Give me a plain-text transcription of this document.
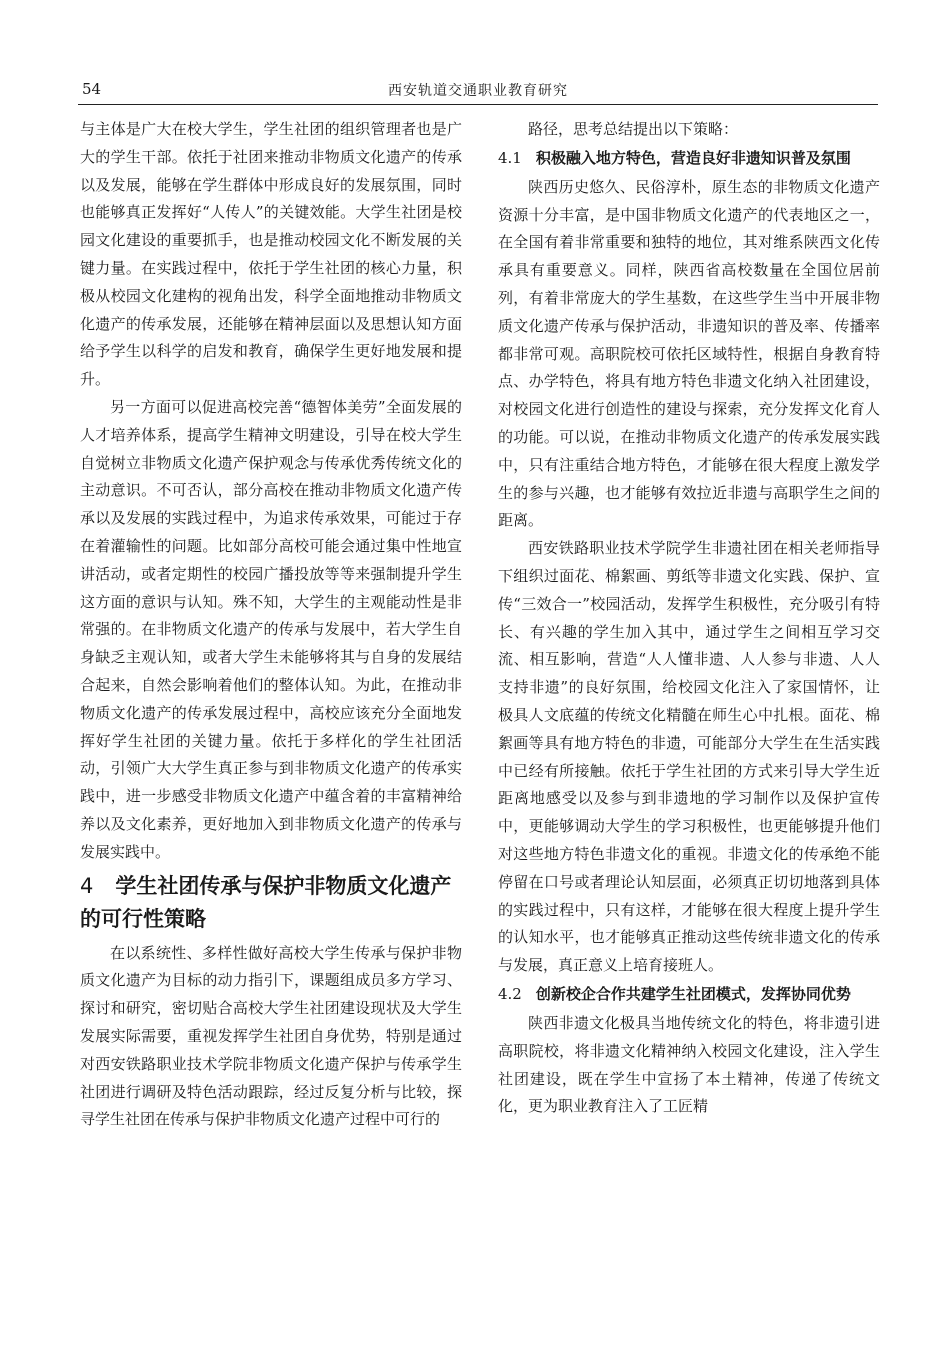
54	西安轨道交通职业教育研究

与主体是广大在校大学生，学生社团的组织管理者也是广大的学生干部。依托于社团来推动非物质文化遗产的传承以及发展，能够在学生群体中形成良好的发展氛围，同时也能够真正发挥好“人传人”的关键效能。大学生社团是校园文化建设的重要抓手，也是推动校园文化不断发展的关键力量。在实践过程中，依托于学生社团的核心力量，积极从校园文化建构的视角出发，科学全面地推动非物质文化遗产的传承发展，还能够在精神层面以及思想认知方面给予学生以科学的启发和教育，确保学生更好地发展和提升。

另一方面可以促进高校完善“德智体美劳”全面发展的人才培养体系，提高学生精神文明建设，引导在校大学生自觉树立非物质文化遗产保护观念与传承优秀传统文化的主动意识。不可否认，部分高校在推动非物质文化遗产传承以及发展的实践过程中，为追求传承效果，可能过于存在着灌输性的问题。比如部分高校可能会通过集中性地宣讲活动，或者定期性的校园广播投放等等来强制提升学生这方面的意识与认知。殊不知，大学生的主观能动性是非常强的。在非物质文化遗产的传承与发展中，若大学生自身缺乏主观认知，或者大学生未能够将其与自身的发展结合起来，自然会影响着他们的整体认知。为此，在推动非物质文化遗产的传承发展过程中，高校应该充分全面地发挥好学生社团的关键力量。依托于多样化的学生社团活动，引领广大大学生真正参与到非物质文化遗产的传承实践中，进一步感受非物质文化遗产中蕴含着的丰富精神给养以及文化素养，更好地加入到非物质文化遗产的传承与发展实践中。

4 学生社团传承与保护非物质文化遗产的可行性策略

在以系统性、多样性做好高校大学生传承与保护非物质文化遗产为目标的动力指引下，课题组成员多方学习、探讨和研究，密切贴合高校大学生社团建设现状及大学生发展实际需要，重视发挥学生社团自身优势，特别是通过对西安铁路职业技术学院非物质文化遗产保护与传承学生社团进行调研及特色活动跟踪，经过反复分析与比较，探寻学生社团在传承与保护非物质文化遗产过程中可行的

路径，思考总结提出以下策略：

4.1 积极融入地方特色，营造良好非遗知识普及氛围

陕西历史悠久、民俗淳朴，原生态的非物质文化遗产资源十分丰富，是中国非物质文化遗产的代表地区之一，在全国有着非常重要和独特的地位，其对维系陕西文化传承具有重要意义。同样，陕西省高校数量在全国位居前列，有着非常庞大的学生基数，在这些学生当中开展非物质文化遗产传承与保护活动，非遗知识的普及率、传播率都非常可观。高职院校可依托区域特性，根据自身教育特点、办学特色，将具有地方特色非遗文化纳入社团建设，对校园文化进行创造性的建设与探索，充分发挥文化育人的功能。可以说，在推动非物质文化遗产的传承发展实践中，只有注重结合地方特色，才能够在很大程度上激发学生的参与兴趣，也才能够有效拉近非遗与高职学生之间的距离。

西安铁路职业技术学院学生非遗社团在相关老师指导下组织过面花、棉絮画、剪纸等非遗文化实践、保护、宣传“三效合一”校园活动，发挥学生积极性，充分吸引有特长、有兴趣的学生加入其中，通过学生之间相互学习交流、相互影响，营造“人人懂非遗、人人参与非遗、人人支持非遗”的良好氛围，给校园文化注入了家国情怀，让极具人文底蕴的传统文化精髓在师生心中扎根。面花、棉絮画等具有地方特色的非遗，可能部分大学生在生活实践中已经有所接触。依托于学生社团的方式来引导大学生近距离地感受以及参与到非遗地的学习制作以及保护宣传中，更能够调动大学生的学习积极性，也更能够提升他们对这些地方特色非遗文化的重视。非遗文化的传承绝不能停留在口号或者理论认知层面，必须真正切切地落到具体的实践过程中，只有这样，才能够在很大程度上提升学生的认知水平，也才能够真正推动这些传统非遗文化的传承与发展，真正意义上培育接班人。

4.2 创新校企合作共建学生社团模式，发挥协同优势

陕西非遗文化极具当地传统文化的特色，将非遗引进高职院校，将非遗文化精神纳入校园文化建设，注入学生社团建设，既在学生中宣扬了本土精神，传递了传统文化，更为职业教育注入了工匠精
